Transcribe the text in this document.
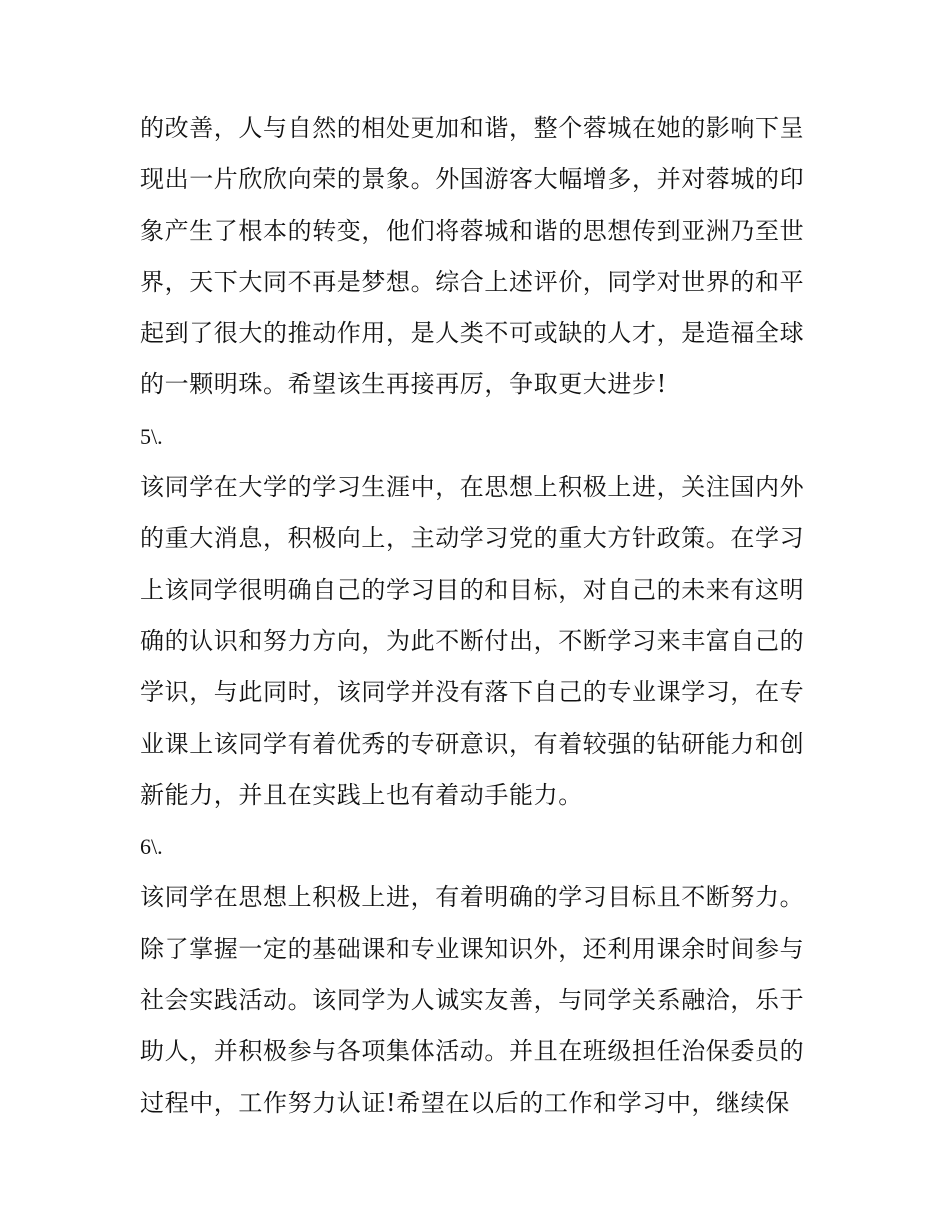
的改善，人与自然的相处更加和谐，整个蓉城在她的影响下呈
现出一片欣欣向荣的景象。外国游客大幅增多，并对蓉城的印
象产生了根本的转变，他们将蓉城和谐的思想传到亚洲乃至世
界，天下大同不再是梦想。综合上述评价，同学对世界的和平
起到了很大的推动作用，是人类不可或缺的人才，是造福全球
的一颗明珠。希望该生再接再厉，争取更大进步!
5\.
该同学在大学的学习生涯中，在思想上积极上进，关注国内外
的重大消息，积极向上，主动学习党的重大方针政策。在学习
上该同学很明确自己的学习目的和目标，对自己的未来有这明
确的认识和努力方向，为此不断付出，不断学习来丰富自己的
学识，与此同时，该同学并没有落下自己的专业课学习，在专
业课上该同学有着优秀的专研意识，有着较强的钻研能力和创
新能力，并且在实践上也有着动手能力。
6\.
该同学在思想上积极上进，有着明确的学习目标且不断努力。
除了掌握一定的基础课和专业课知识外，还利用课余时间参与
社会实践活动。该同学为人诚实友善，与同学关系融洽，乐于
助人，并积极参与各项集体活动。并且在班级担任治保委员的
过程中，工作努力认证!希望在以后的工作和学习中，继续保
